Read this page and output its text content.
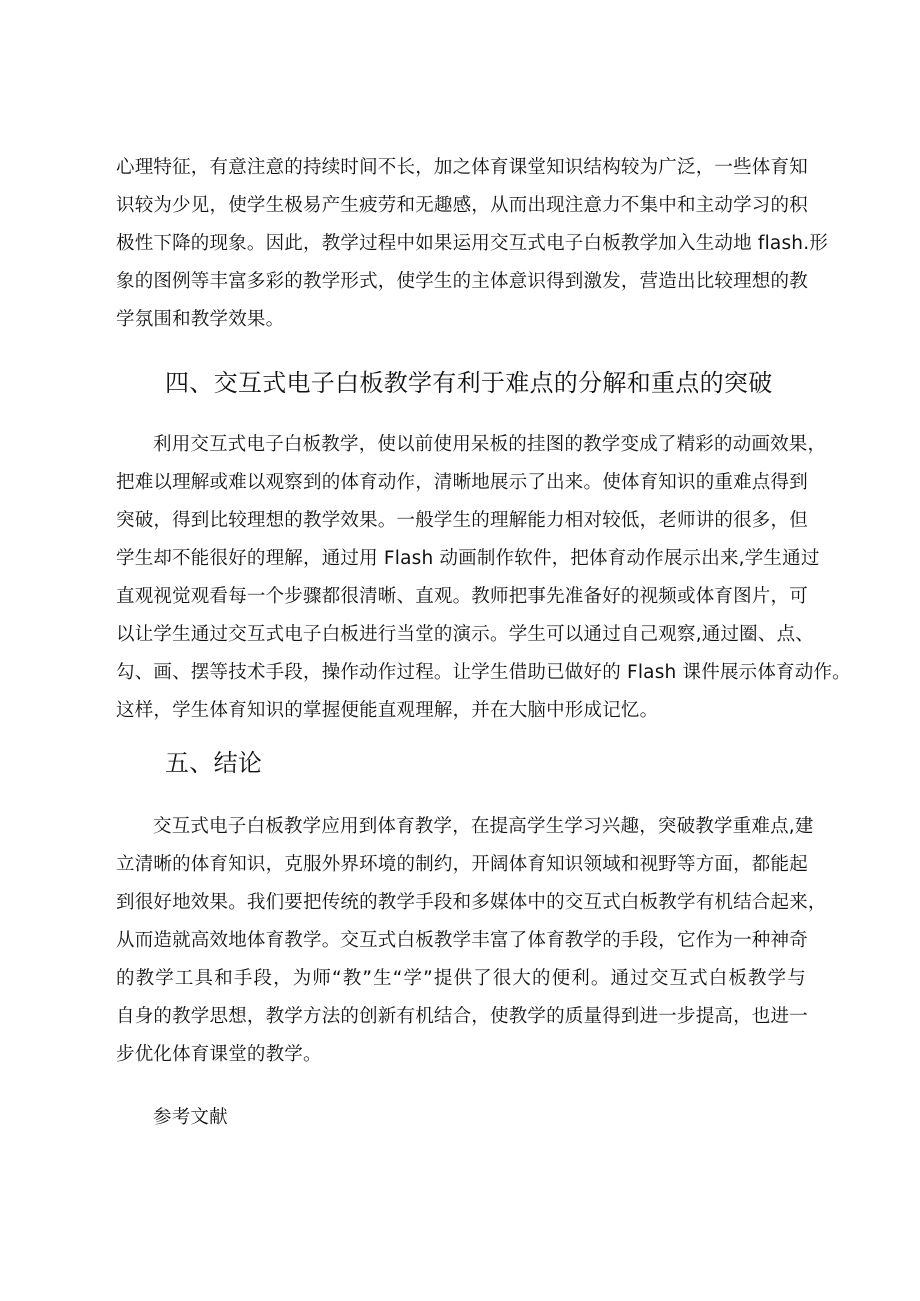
心理特征，有意注意的持续时间不长，加之体育课堂知识结构较为广泛，一些体育知
识较为少见，使学生极易产生疲劳和无趣感，从而出现注意力不集中和主动学习的积
极性下降的现象。因此，教学过程中如果运用交互式电子白板教学加入生动地 flash.形
象的图例等丰富多彩的教学形式，使学生的主体意识得到激发，营造出比较理想的教
学氛围和教学效果。
四、交互式电子白板教学有利于难点的分解和重点的突破
利用交互式电子白板教学，使以前使用呆板的挂图的教学变成了精彩的动画效果，
把难以理解或难以观察到的体育动作，清晰地展示了出来。使体育知识的重难点得到
突破，得到比较理想的教学效果。一般学生的理解能力相对较低，老师讲的很多，但
学生却不能很好的理解，通过用 Flash 动画制作软件，把体育动作展示出来,学生通过
直观视觉观看每一个步骤都很清晰、直观。教师把事先准备好的视频或体育图片，可
以让学生通过交互式电子白板进行当堂的演示。学生可以通过自己观察,通过圈、点、
勾、画、摆等技术手段，操作动作过程。让学生借助已做好的 Flash 课件展示体育动作。
这样，学生体育知识的掌握便能直观理解，并在大脑中形成记忆。
五、结论
交互式电子白板教学应用到体育教学，在提高学生学习兴趣，突破教学重难点,建
立清晰的体育知识，克服外界环境的制约，开阔体育知识领域和视野等方面，都能起
到很好地效果。我们要把传统的教学手段和多媒体中的交互式白板教学有机结合起来，
从而造就高效地体育教学。交互式白板教学丰富了体育教学的手段，它作为一种神奇
的教学工具和手段，为师“教”生“学”提供了很大的便利。通过交互式白板教学与
自身的教学思想，教学方法的创新有机结合，使教学的质量得到进一步提高，也进一
步优化体育课堂的教学。
参考文献
